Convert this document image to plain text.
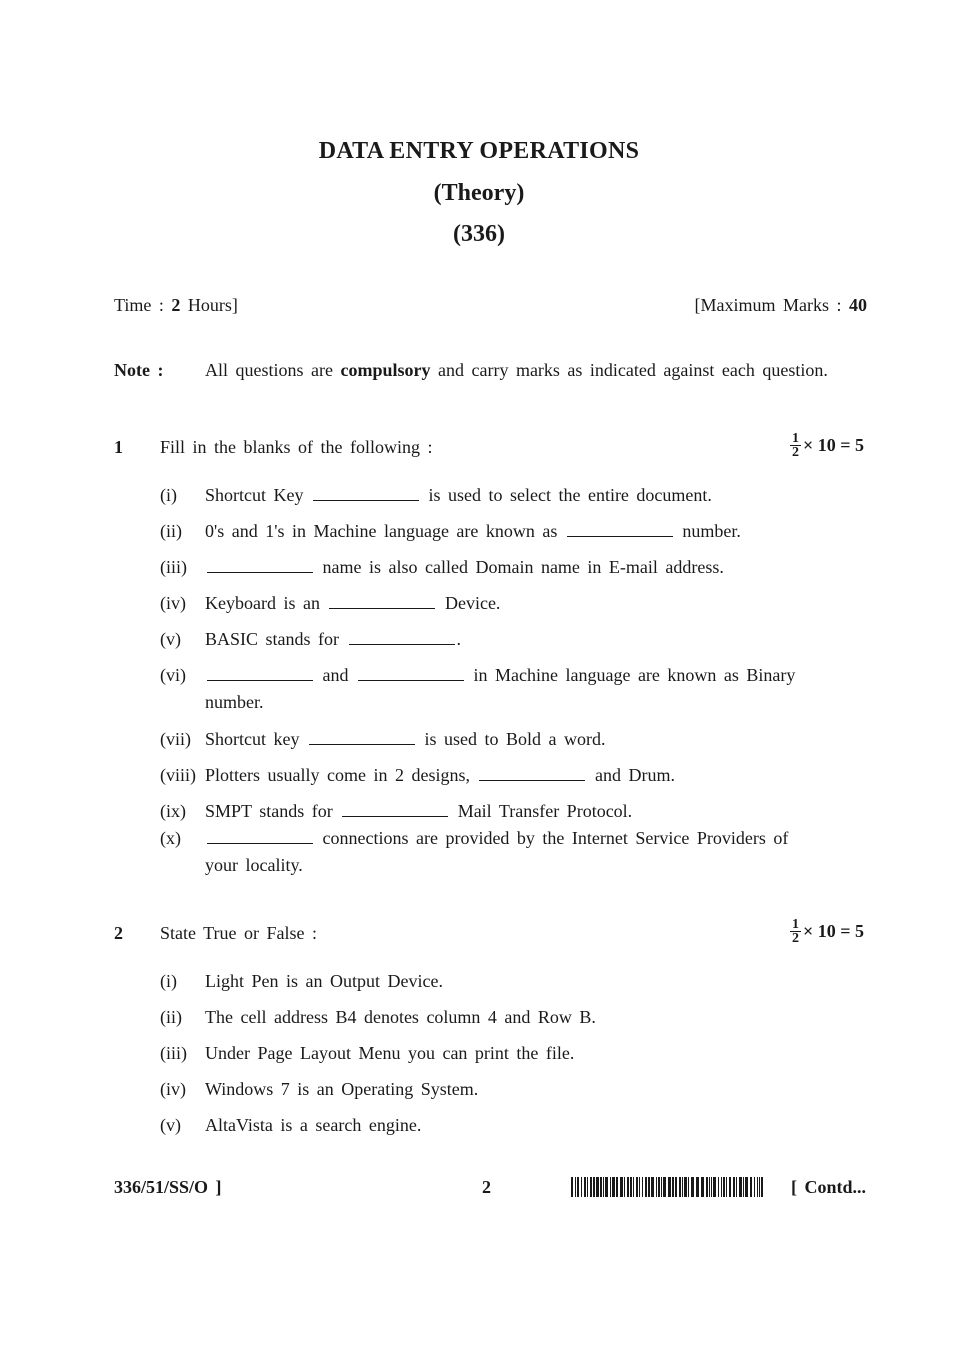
DATA ENTRY OPERATIONS
(Theory)
(336)
Time : 2 Hours]	[Maximum Marks : 40
Note : All questions are compulsory and carry marks as indicated against each question.
1 Fill in the blanks of the following :	$\frac{1}{2} \times 10 = 5$
(i) Shortcut Key	is used to select the entire document.
(ii) 0's and 1's in Machine language are known as	number.
(iii)	name is also called Domain name in E-mail address.
(iv) Keyboard is an	Device.
(v) BASIC stands for	.
(vi)	and	in Machine language are known as Binary
number.
(vii) Shortcut key	is used to Bold a word.
(viii) Plotters usually come in 2 designs,	and Drum.
(ix) SMPT stands for	Mail Transfer Protocol.
(x)	connections are provided by the Internet Service Providers of
your locality.
2 State True or False :	$\frac{1}{2} \times 10 = 5$
(i) Light Pen is an Output Device.
(ii) The cell address B4 denotes column 4 and Row B.
(iii) Under Page Layout Menu you can print the file.
(iv) Windows 7 is an Operating System.
(v) AltaVista is a search engine.
336/51/SS/O ]	2	[ Contd...
